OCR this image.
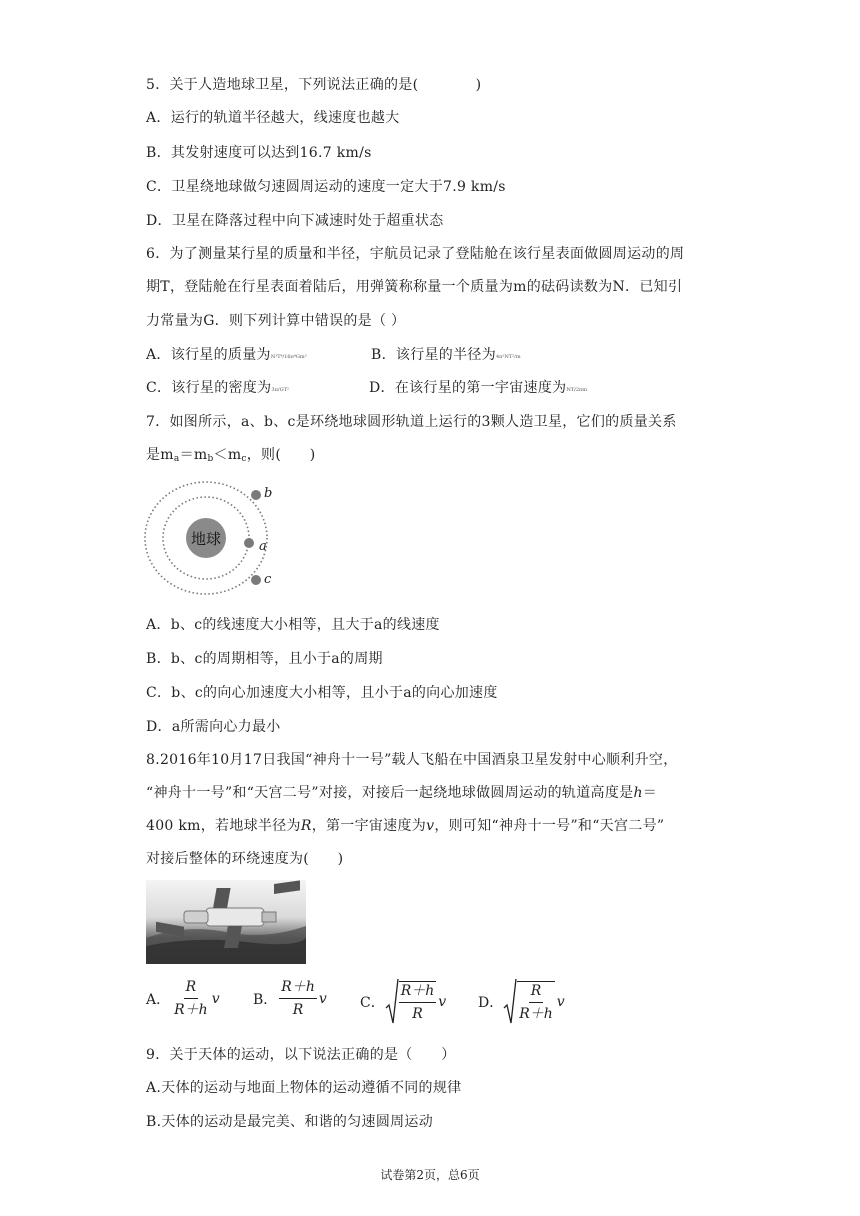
5．关于人造地球卫星，下列说法正确的是(　　　　)
A．运行的轨道半径越大，线速度也越大
B．其发射速度可以达到16.7 km/s
C．卫星绕地球做匀速圆周运动的速度一定大于7.9 km/s
D．卫星在降落过程中向下减速时处于超重状态
6．为了测量某行星的质量和半径，宇航员记录了登陆舱在该行星表面做圆周运动的周
期T，登陆舱在行星表面着陆后，用弹簧称称量一个质量为m的砝码读数为N．已知引
力常量为G．则下列计算中错误的是（ ）
A．该行星的质量为N³T⁴/16π⁴Gm³	B．该行星的半径为4π²NT²/m
C．该行星的密度为3π/GT²	D．在该行星的第一宇宙速度为NT/2πm
7．如图所示，a、b、c是环绕地球圆形轨道上运行的3颗人造卫星，它们的质量关系
是$m_a=m_b<m_c$，则(　　)
地球
b
a
c
A．b、c的线速度大小相等，且大于a的线速度
B．b、c的周期相等，且小于a的周期
C．b、c的向心加速度大小相等，且小于a的向心加速度
D．a所需向心力最小
8.2016年10月17日我国“神舟十一号”载人飞船在中国酒泉卫星发射中心顺利升空，
“神舟十一号”和“天宫二号”对接，对接后一起绕地球做圆周运动的轨道高度是h＝
400 km，若地球半径为R，第一宇宙速度为v，则可知“神舟十一号”和“天宫二号”
对接后整体的环绕速度为(　　)
A． $\frac{R}{R+h}$ v B． $\frac{R+h}{R}$ v C． $\frac{R+h}{R}$ v D． $\frac{R}{R+h}$ v
9．关于天体的运动，以下说法正确的是（　　）
A.天体的运动与地面上物体的运动遵循不同的规律
B.天体的运动是最完美、和谐的匀速圆周运动
试卷第2页，总6页
